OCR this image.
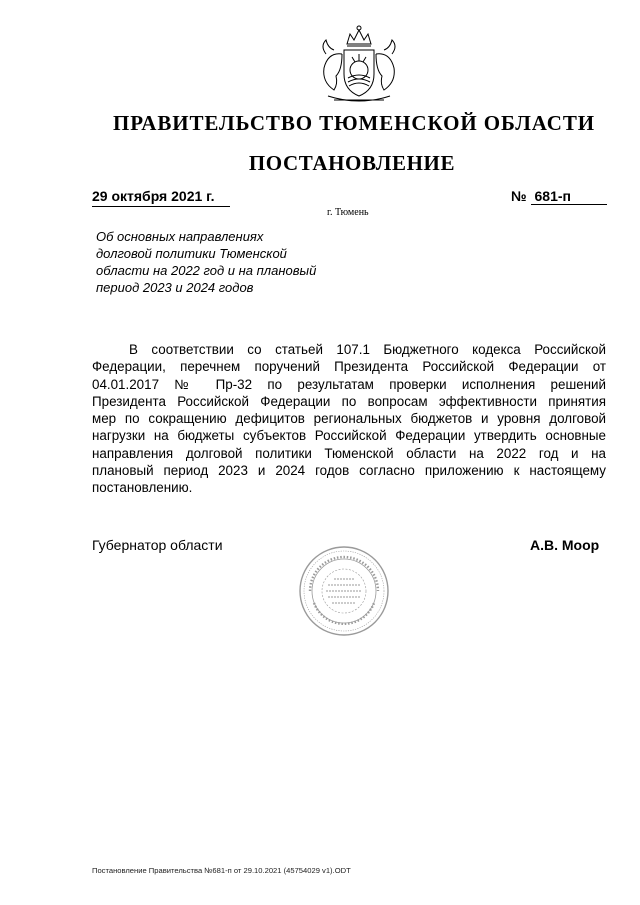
ПРАВИТЕЛЬСТВО ТЮМЕНСКОЙ ОБЛАСТИ
ПОСТАНОВЛЕНИЕ
29 октября 2021 г.	№ 681-п
г. Тюмень
Об основных направлениях
долговой политики Тюменской
области на 2022 год и на плановый
период 2023 и 2024 годов
В соответствии со статьей 107.1 Бюджетного кодекса Российской
Федерации, перечнем поручений Президента Российской Федерации от
04.01.2017 № Пр-32 по результатам проверки исполнения решений
Президента Российской Федерации по вопросам эффективности принятия
мер по сокращению дефицитов региональных бюджетов и уровня долговой
нагрузки на бюджеты субъектов Российской Федерации утвердить основные
направления долговой политики Тюменской области на 2022 год и на
плановый период 2023 и 2024 годов согласно приложению к настоящему
постановлению.
Губернатор области	А.В. Моор
Постановление Правительства №681-п от 29.10.2021 (45754029 v1).ODT
